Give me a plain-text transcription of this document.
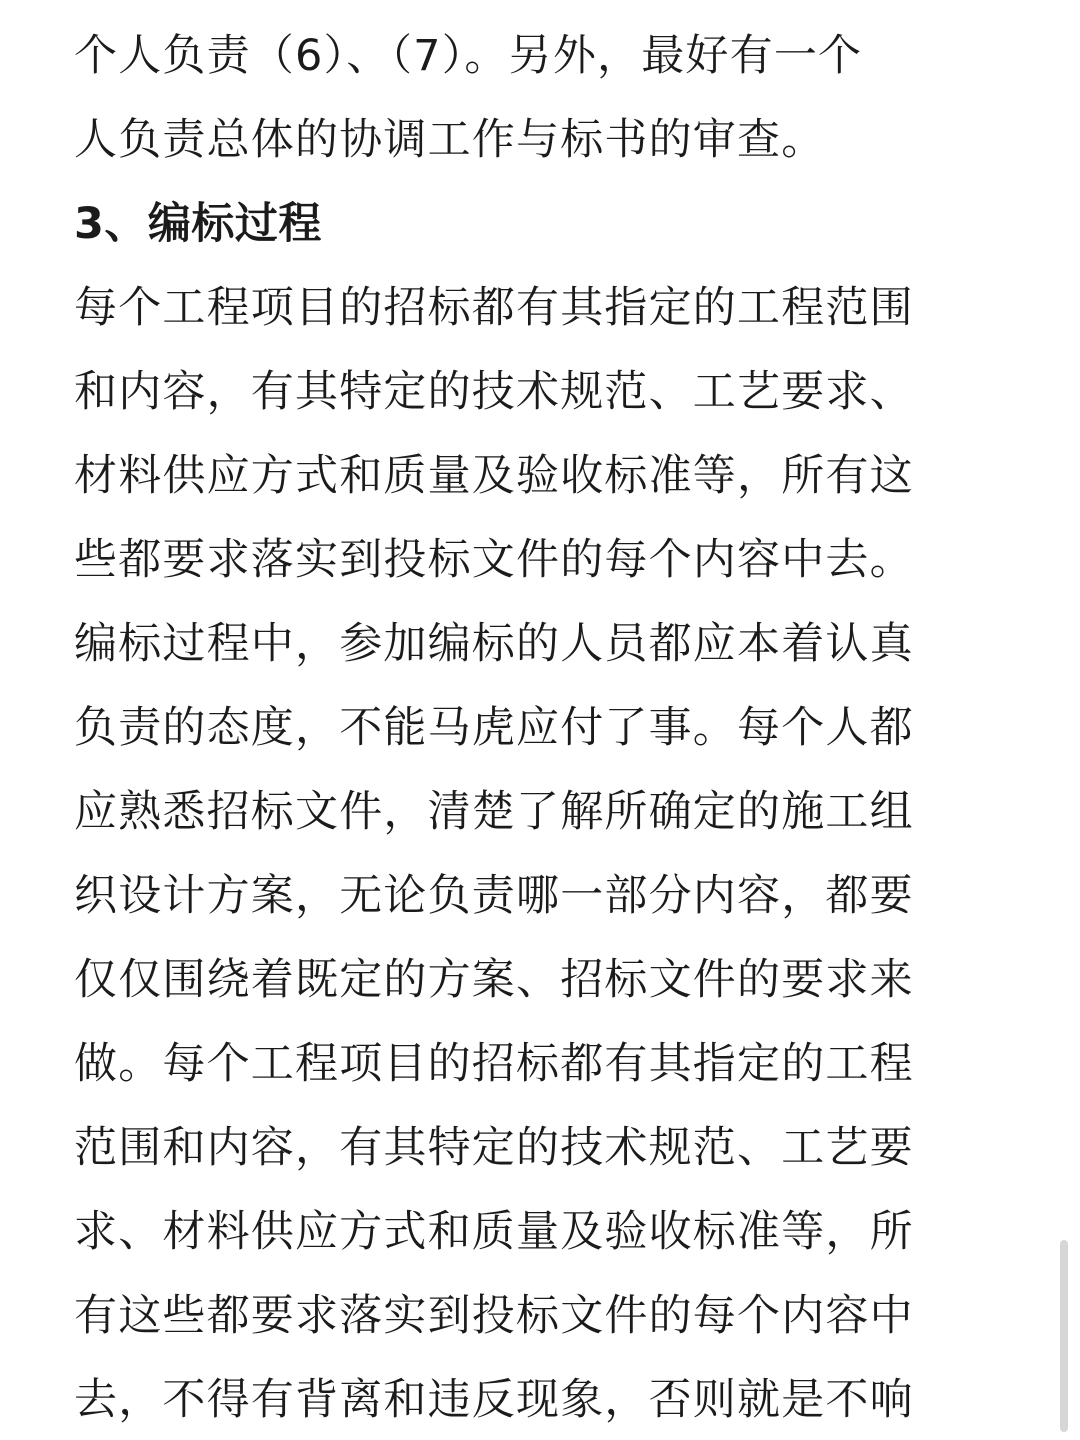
个人负责（6）、（7）。另外，最好有一个
人负责总体的协调工作与标书的审查。
3、编标过程
每个工程项目的招标都有其指定的工程范围
和内容，有其特定的技术规范、工艺要求、
材料供应方式和质量及验收标准等，所有这
些都要求落实到投标文件的每个内容中去。
编标过程中，参加编标的人员都应本着认真
负责的态度，不能马虎应付了事。每个人都
应熟悉招标文件，清楚了解所确定的施工组
织设计方案，无论负责哪一部分内容，都要
仅仅围绕着既定的方案、招标文件的要求来
做。每个工程项目的招标都有其指定的工程
范围和内容，有其特定的技术规范、工艺要
求、材料供应方式和质量及验收标准等，所
有这些都要求落实到投标文件的每个内容中
去，不得有背离和违反现象，否则就是不响
